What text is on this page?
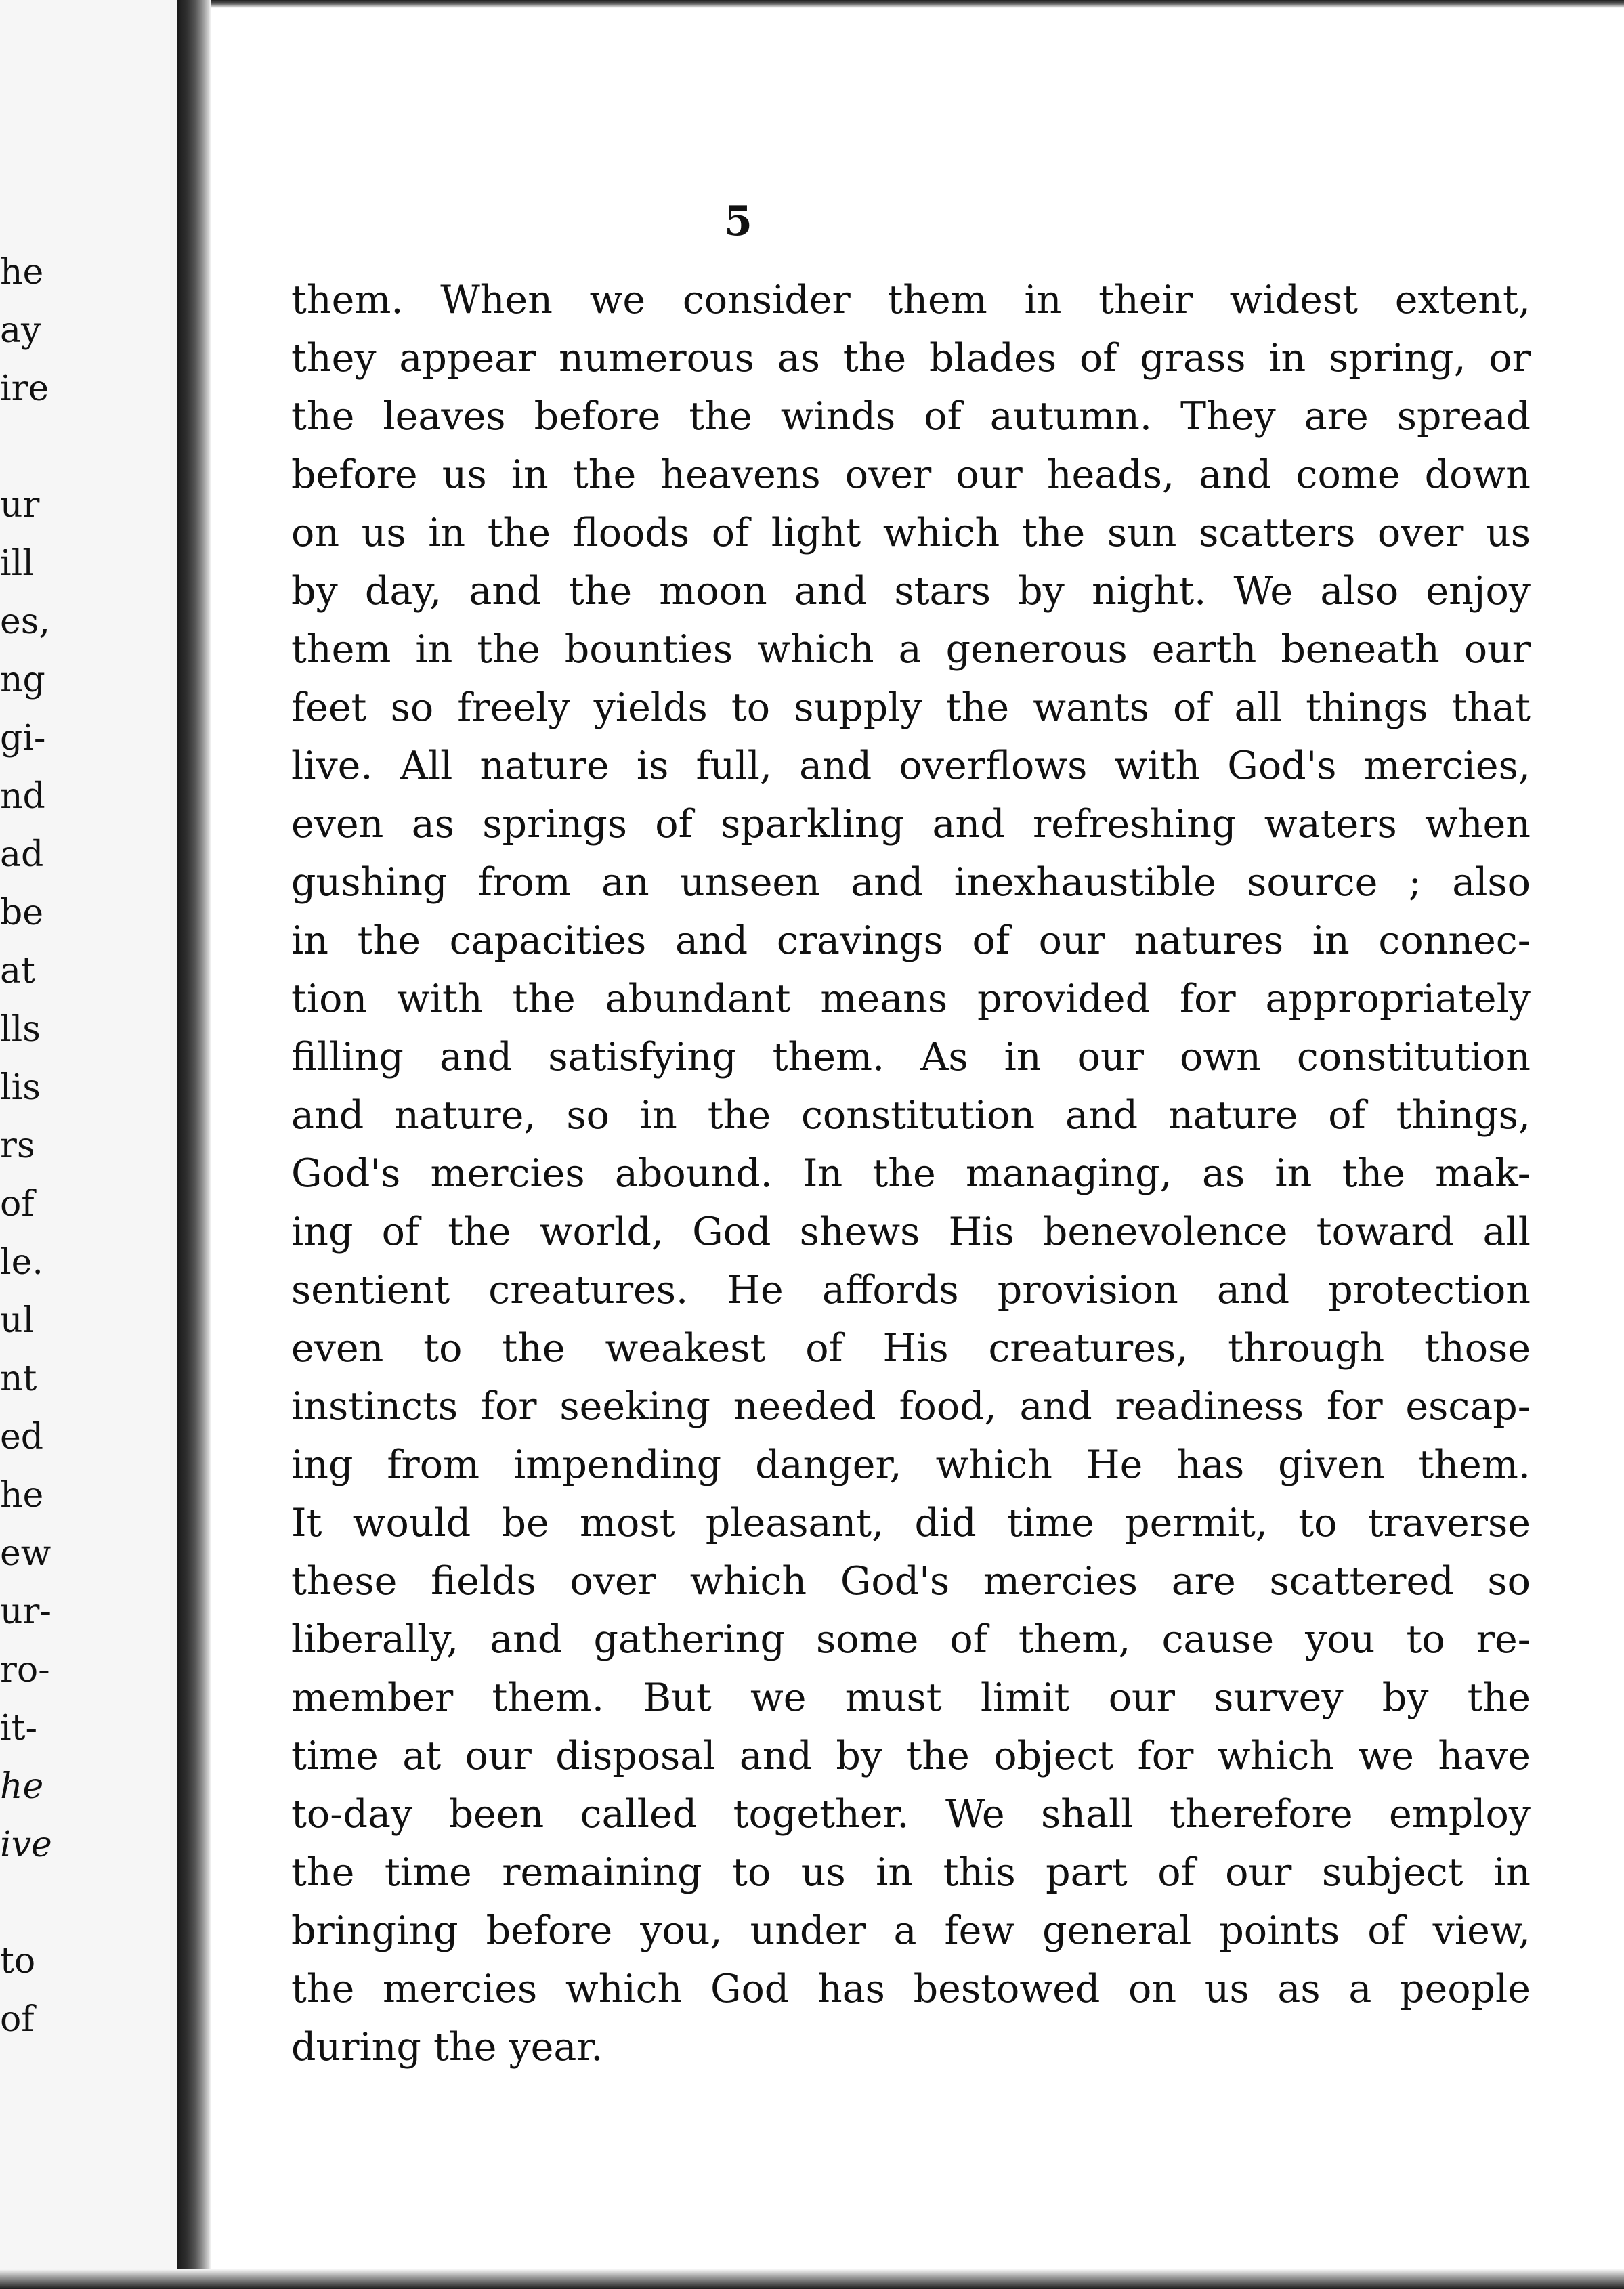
he
ay
ire
ur
ill
es,
ng
gi-
nd
ad
be
at
lls
lis
rs
of
le.
ul
nt
ed
he
ew
ur-
ro-
it-
he
ive
to
of
5
them. When we consider them in their widest extent,
they appear numerous as the blades of grass in spring, or
the leaves before the winds of autumn. They are spread
before us in the heavens over our heads, and come down
on us in the floods of light which the sun scatters over us
by day, and the moon and stars by night. We also enjoy
them in the bounties which a generous earth beneath our
feet so freely yields to supply the wants of all things that
live. All nature is full, and overflows with God's mercies,
even as springs of sparkling and refreshing waters when
gushing from an unseen and inexhaustible source ; also
in the capacities and cravings of our natures in connec-
tion with the abundant means provided for appropriately
filling and satisfying them. As in our own constitution
and nature, so in the constitution and nature of things,
God's mercies abound. In the managing, as in the mak-
ing of the world, God shews His benevolence toward all
sentient creatures. He affords provision and protection
even to the weakest of His creatures, through those
instincts for seeking needed food, and readiness for escap-
ing from impending danger, which He has given them.
It would be most pleasant, did time permit, to traverse
these fields over which God's mercies are scattered so
liberally, and gathering some of them, cause you to re-
member them. But we must limit our survey by the
time at our disposal and by the object for which we have
to-day been called together. We shall therefore employ
the time remaining to us in this part of our subject in
bringing before you, under a few general points of view,
the mercies which God has bestowed on us as a people
during the year.
